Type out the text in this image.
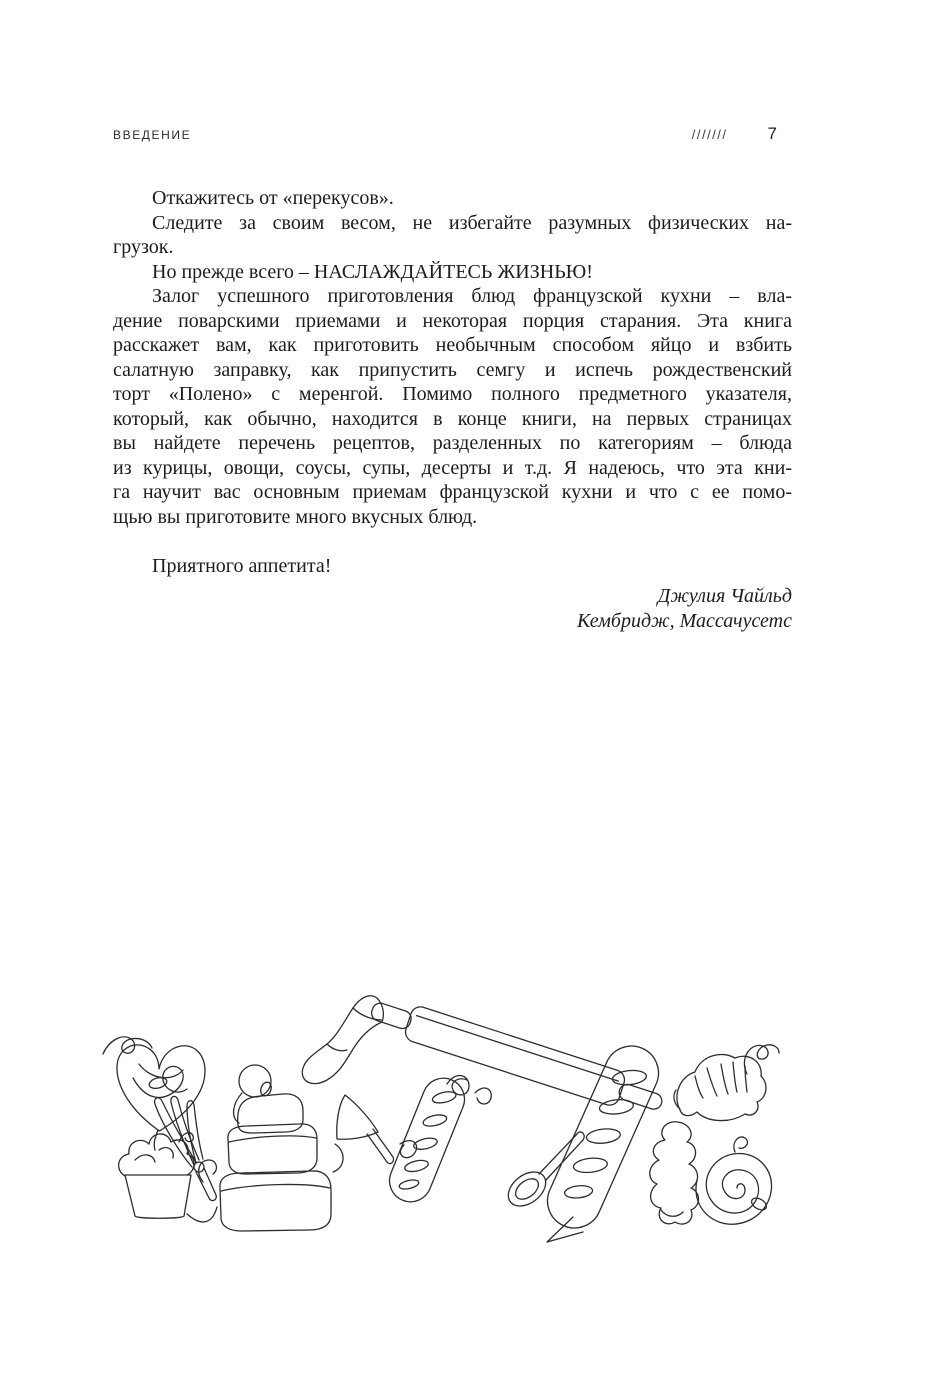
ВВЕДЕНИЕ	/////// 7
Откажитесь от «перекусов».
Следите за своим весом, не избегайте разумных физических на-
грузок.
Но прежде всего – НАСЛАЖДАЙТЕСЬ ЖИЗНЬЮ!
Залог успешного приготовления блюд французской кухни – вла-
дение поварскими приемами и некоторая порция старания. Эта книга
расскажет вам, как приготовить необычным способом яйцо и взбить
салатную заправку, как припустить семгу и испечь рождественский
торт «Полено» с меренгой. Помимо полного предметного указателя,
который, как обычно, находится в конце книги, на первых страницах
вы найдете перечень рецептов, разделенных по категориям – блюда
из курицы, овощи, соусы, супы, десерты и т.д. Я надеюсь, что эта кни-
га научит вас основным приемам французской кухни и что с ее помо-
щью вы приготовите много вкусных блюд.
Приятного аппетита!
Джулия Чайльд
Кембридж, Массачусетс
